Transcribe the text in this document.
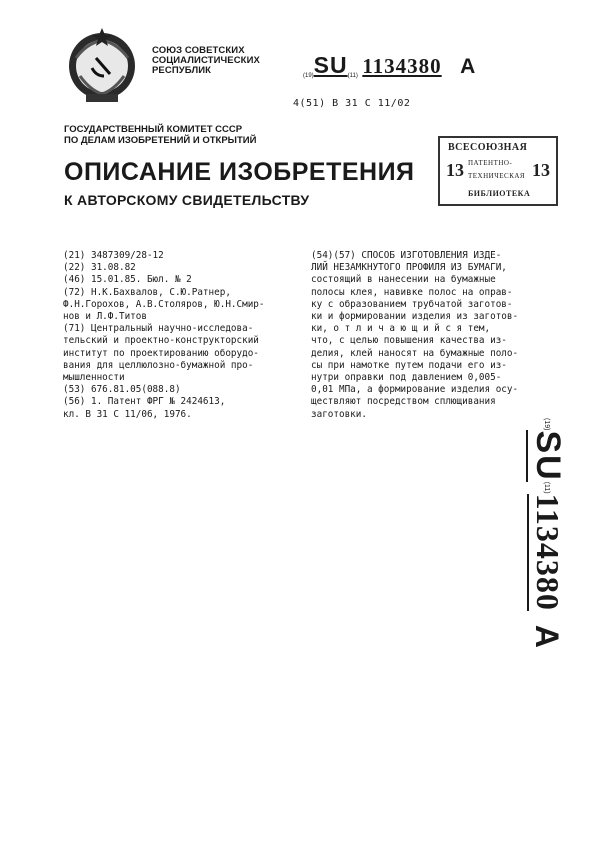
СОЮЗ СОВЕТСКИХ
СОЦИАЛИСТИЧЕСКИХ
РЕСПУБЛИК	(19)SU(11) 1134380 A
4(51) B 31 C 11/02
ГОСУДАРСТВЕННЫЙ КОМИТЕТ СССР
ПО ДЕЛАМ ИЗОБРЕТЕНИЙ И ОТКРЫТИЙ
ОПИСАНИЕ ИЗОБРЕТЕНИЯ
К АВТОРСКОМУ СВИДЕТЕЛЬСТВУ
ВСЕСОЮЗНАЯ
13 ПАТЕНТНО-
ТЕХНИЧЕСКАЯ 13
БИБЛИОТЕКА
(21) 3487309/28-12
(22) 31.08.82
(46) 15.01.85. Бюл. № 2
(72) Н.К.Бахвалов, С.Ю.Ратнер,
Ф.Н.Горохов, А.В.Столяров, Ю.Н.Смир-
нов и Л.Ф.Титов
(71) Центральный научно-исследова-
тельский и проектно-конструкторский
институт по проектированию оборудо-
вания для целлюлозно-бумажной про-
мышленности
(53) 676.81.05(088.8)
(56) 1. Патент ФРГ № 2424613,
кл. В 31 С 11/06, 1976.
(54)(57) СПОСОБ ИЗГОТОВЛЕНИЯ ИЗДЕ-
ЛИЙ НЕЗАМКНУТОГО ПРОФИЛЯ ИЗ БУМАГИ,
состоящий в нанесении на бумажные
полосы клея, навивке полос на оправ-
ку с образованием трубчатой заготов-
ки и формировании изделия из заготов-
ки, о т л и ч а ю щ и й с я тем,
что, с целью повышения качества из-
делия, клей наносят на бумажные поло-
сы при намотке путем подачи его из-
нутри оправки под давлением 0,005-
0,01 МПа, а формирование изделия осу-
ществляют посредством сплющивания
заготовки.
(19)
SU
(11)
1134380
A
